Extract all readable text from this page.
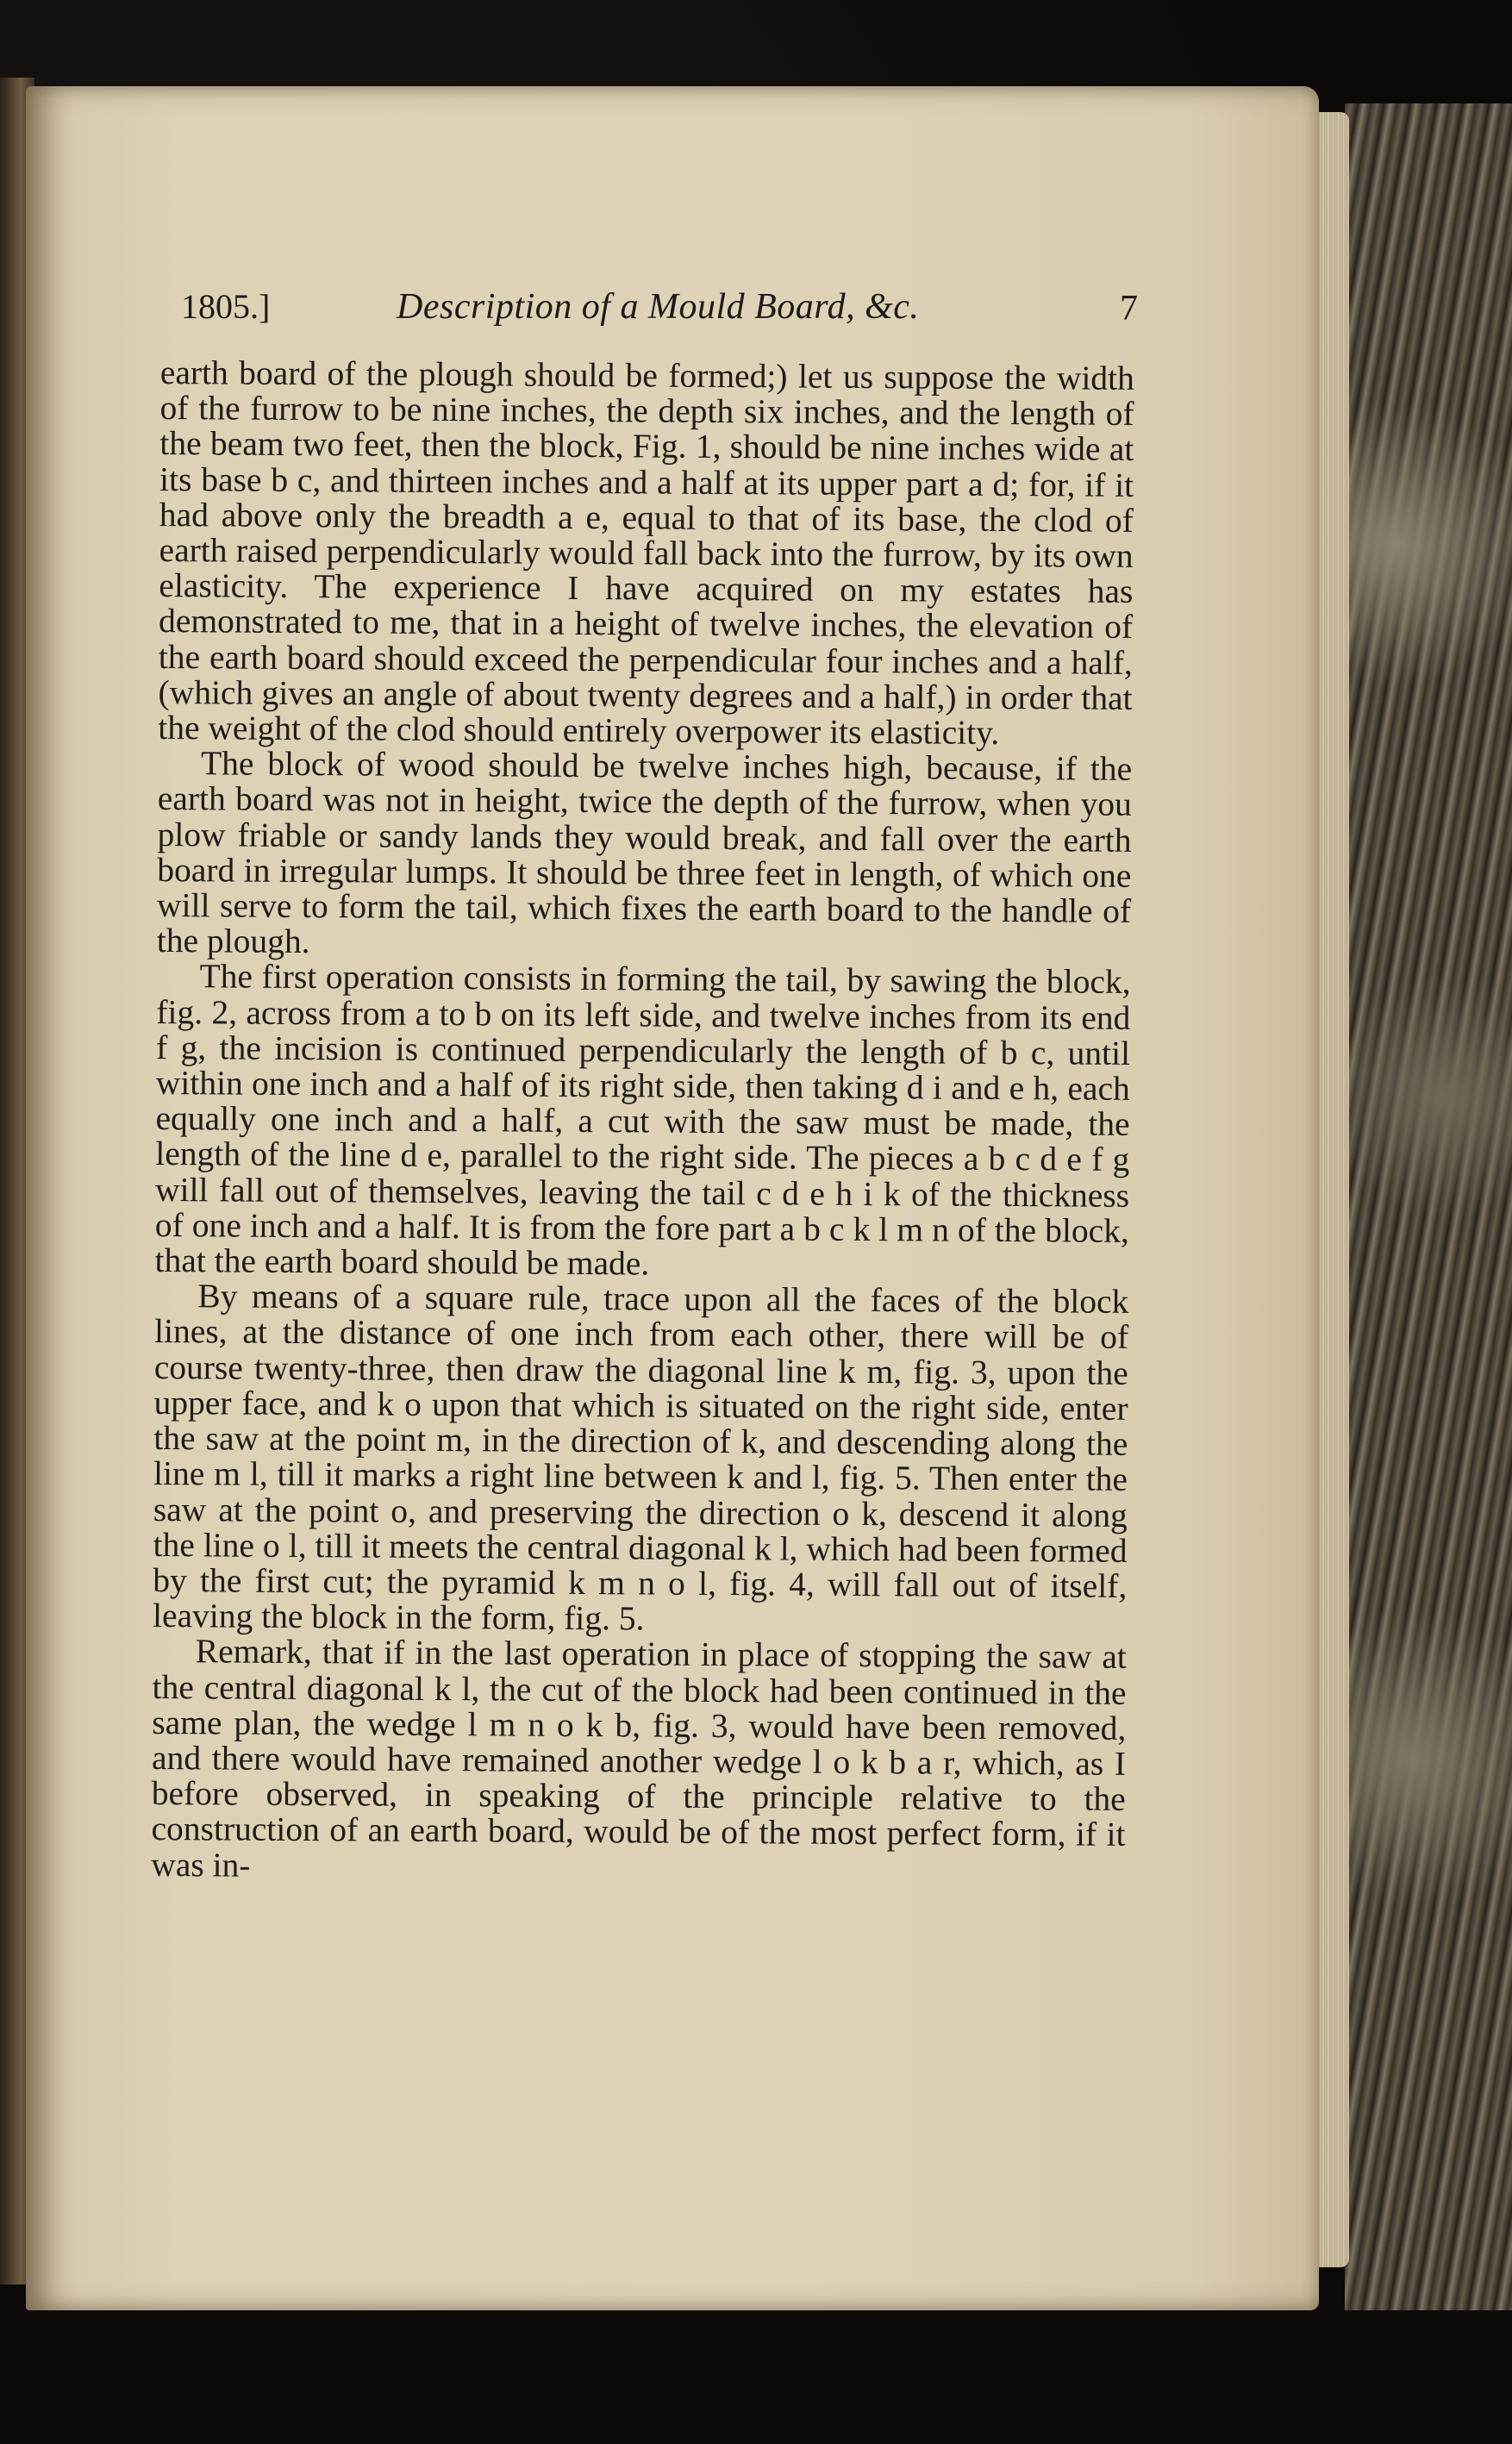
1805.]	Description of a Mould Board, &c.	7

earth board of the plough should be formed;) let us suppose the width of the furrow to be nine inches, the depth six inches, and the length of the beam two feet, then the block, Fig. 1, should be nine inches wide at its base b c, and thirteen inches and a half at its upper part a d; for, if it had above only the breadth a e, equal to that of its base, the clod of earth raised perpendicularly would fall back into the furrow, by its own elasticity. The experience I have acquired on my estates has demonstrated to me, that in a height of twelve inches, the elevation of the earth board should exceed the perpendicular four inches and a half, (which gives an angle of about twenty degrees and a half,) in order that the weight of the clod should entirely overpower its elasticity.

The block of wood should be twelve inches high, because, if the earth board was not in height, twice the depth of the furrow, when you plow friable or sandy lands they would break, and fall over the earth board in irregular lumps. It should be three feet in length, of which one will serve to form the tail, which fixes the earth board to the handle of the plough.

The first operation consists in forming the tail, by sawing the block, fig. 2, across from a to b on its left side, and twelve inches from its end f g, the incision is continued perpendicularly the length of b c, until within one inch and a half of its right side, then taking d i and e h, each equally one inch and a half, a cut with the saw must be made, the length of the line d e, parallel to the right side. The pieces a b c d e f g will fall out of themselves, leaving the tail c d e h i k of the thickness of one inch and a half. It is from the fore part a b c k l m n of the block, that the earth board should be made.

By means of a square rule, trace upon all the faces of the block lines, at the distance of one inch from each other, there will be of course twenty-three, then draw the diagonal line k m, fig. 3, upon the upper face, and k o upon that which is situated on the right side, enter the saw at the point m, in the direction of k, and descending along the line m l, till it marks a right line between k and l, fig. 5. Then enter the saw at the point o, and preserving the direction o k, descend it along the line o l, till it meets the central diagonal k l, which had been formed by the first cut; the pyramid k m n o l, fig. 4, will fall out of itself, leaving the block in the form, fig. 5.

Remark, that if in the last operation in place of stopping the saw at the central diagonal k l, the cut of the block had been continued in the same plan, the wedge l m n o k b, fig. 3, would have been removed, and there would have remained another wedge l o k b a r, which, as I before observed, in speaking of the principle relative to the construction of an earth board, would be of the most perfect form, if it was in-
